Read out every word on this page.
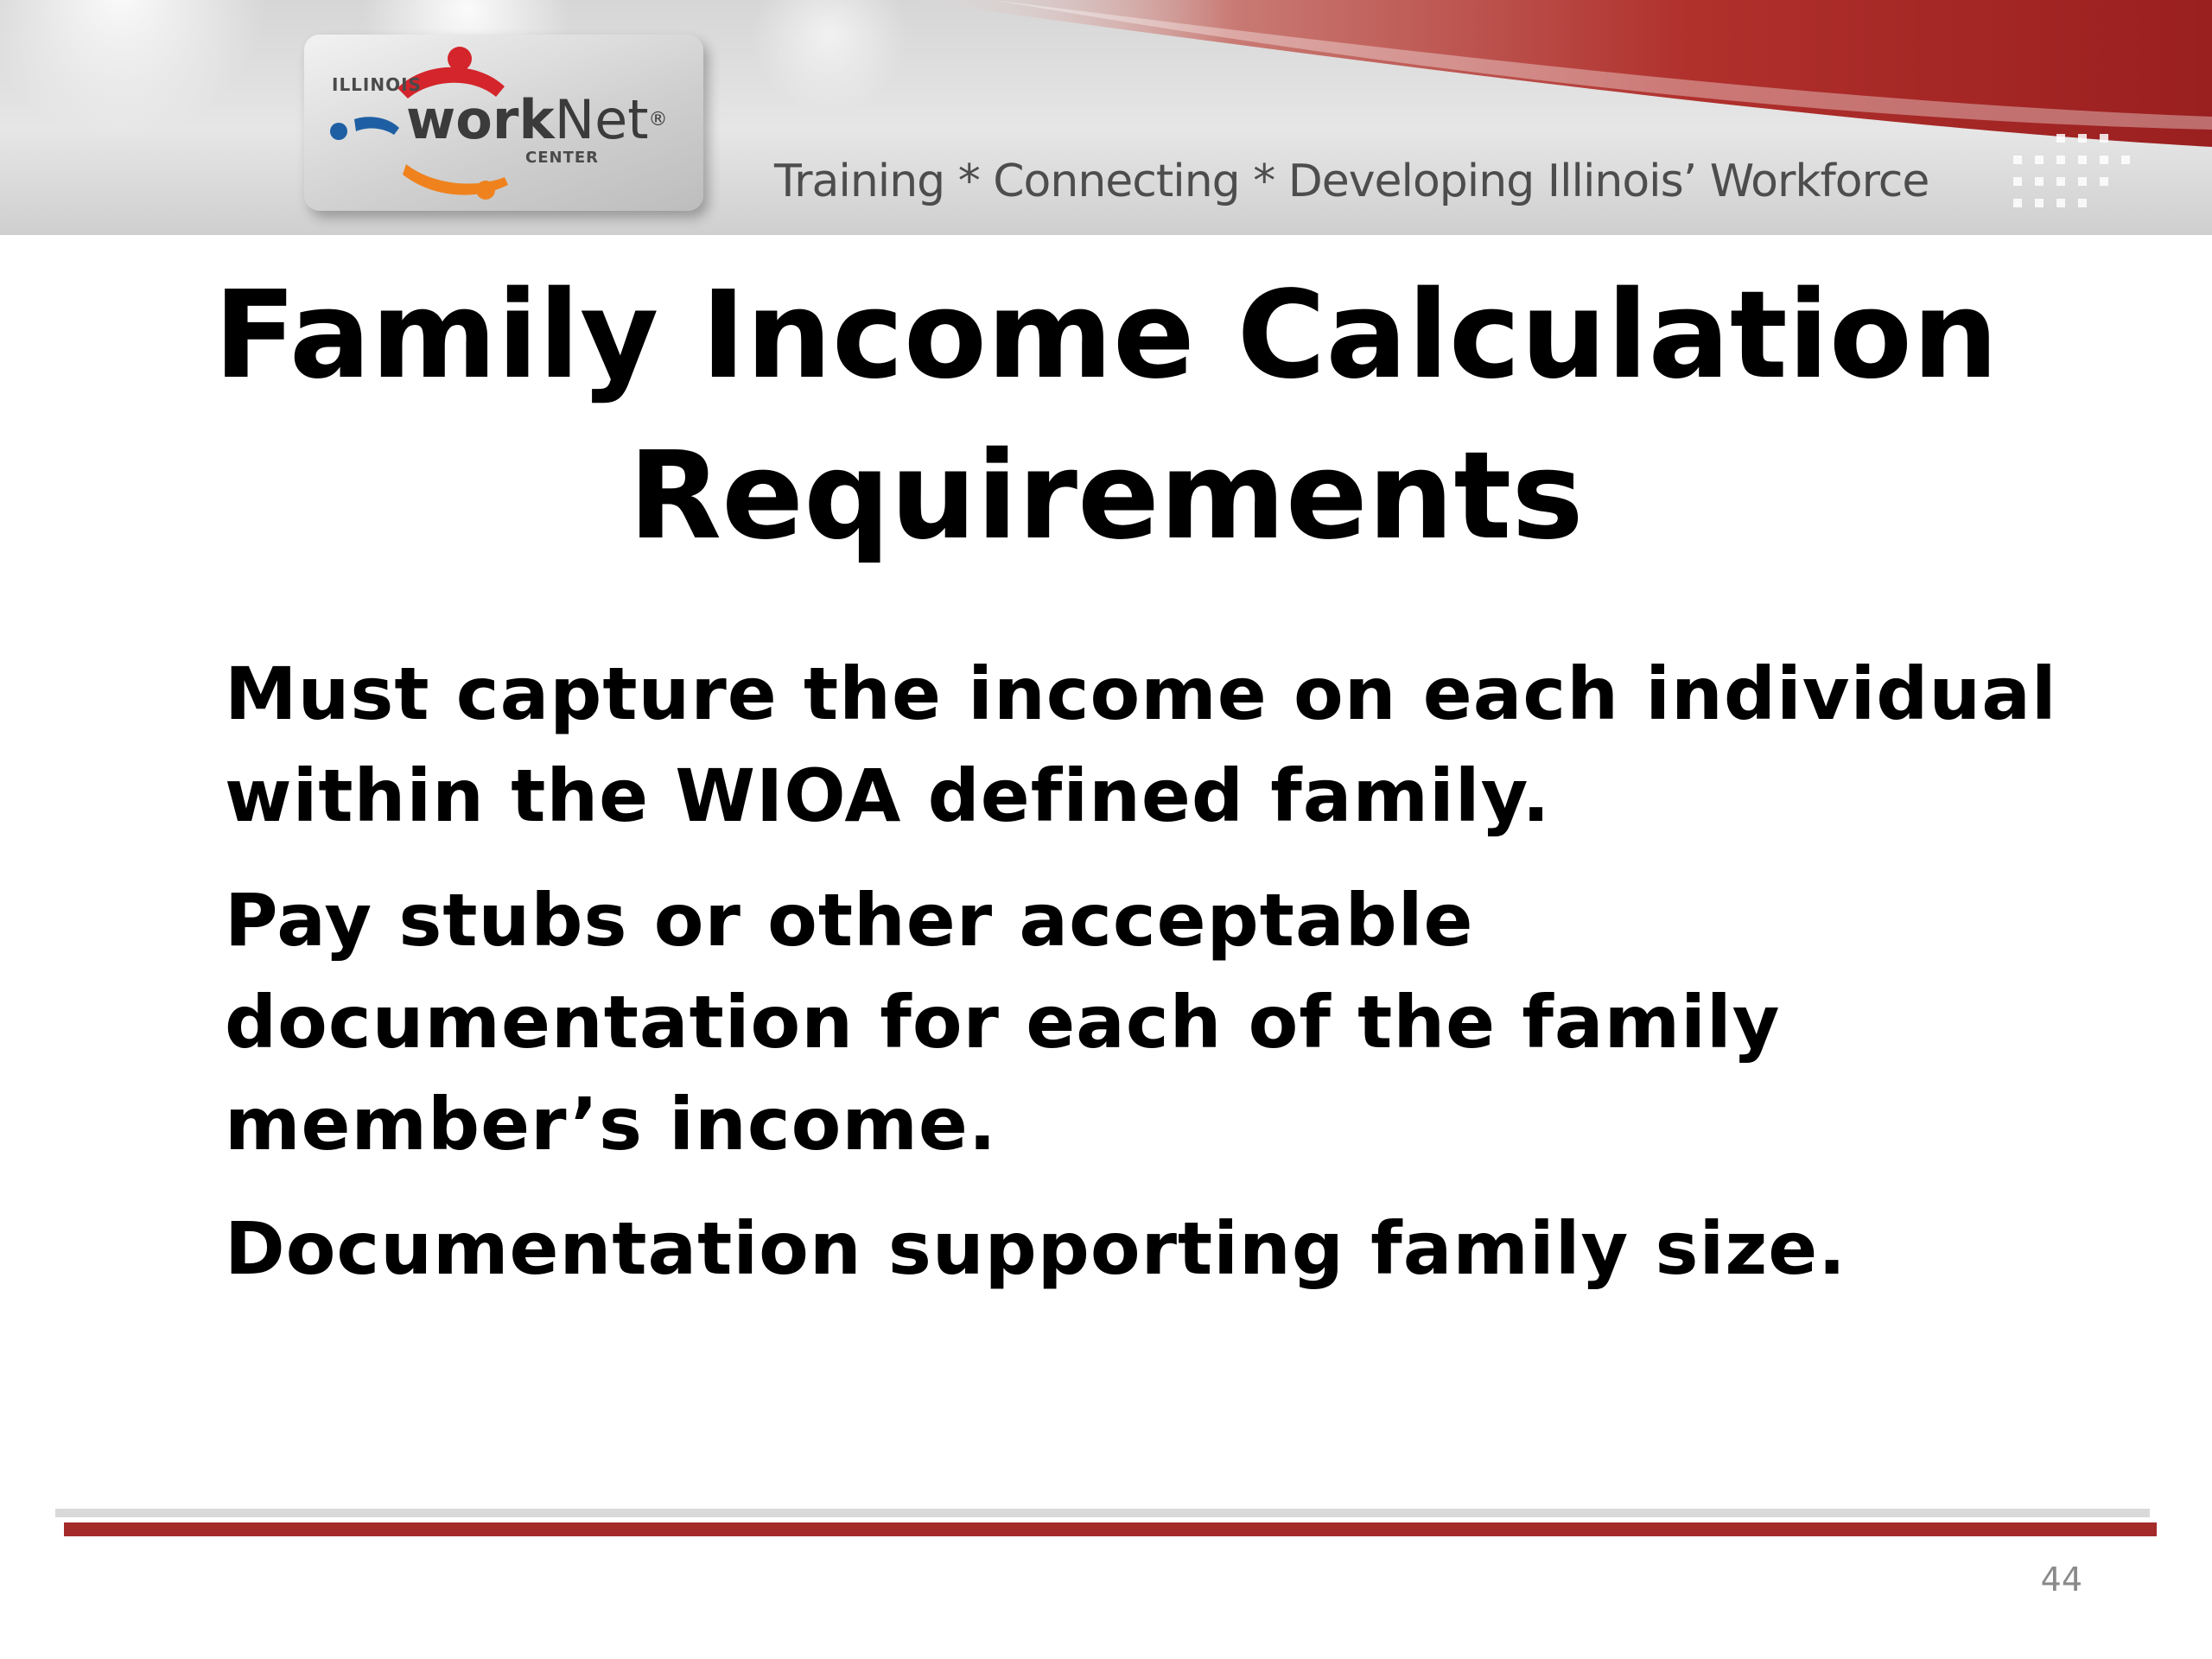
ILLINOIS
workNet®
CENTER	Training * Connecting * Developing Illinois’ Workforce
Family Income Calculation
Requirements
Must capture the income on each individual within the WIOA defined family.
Pay stubs or other acceptable documentation for each of the family member’s income.
Documentation supporting family size.
44
